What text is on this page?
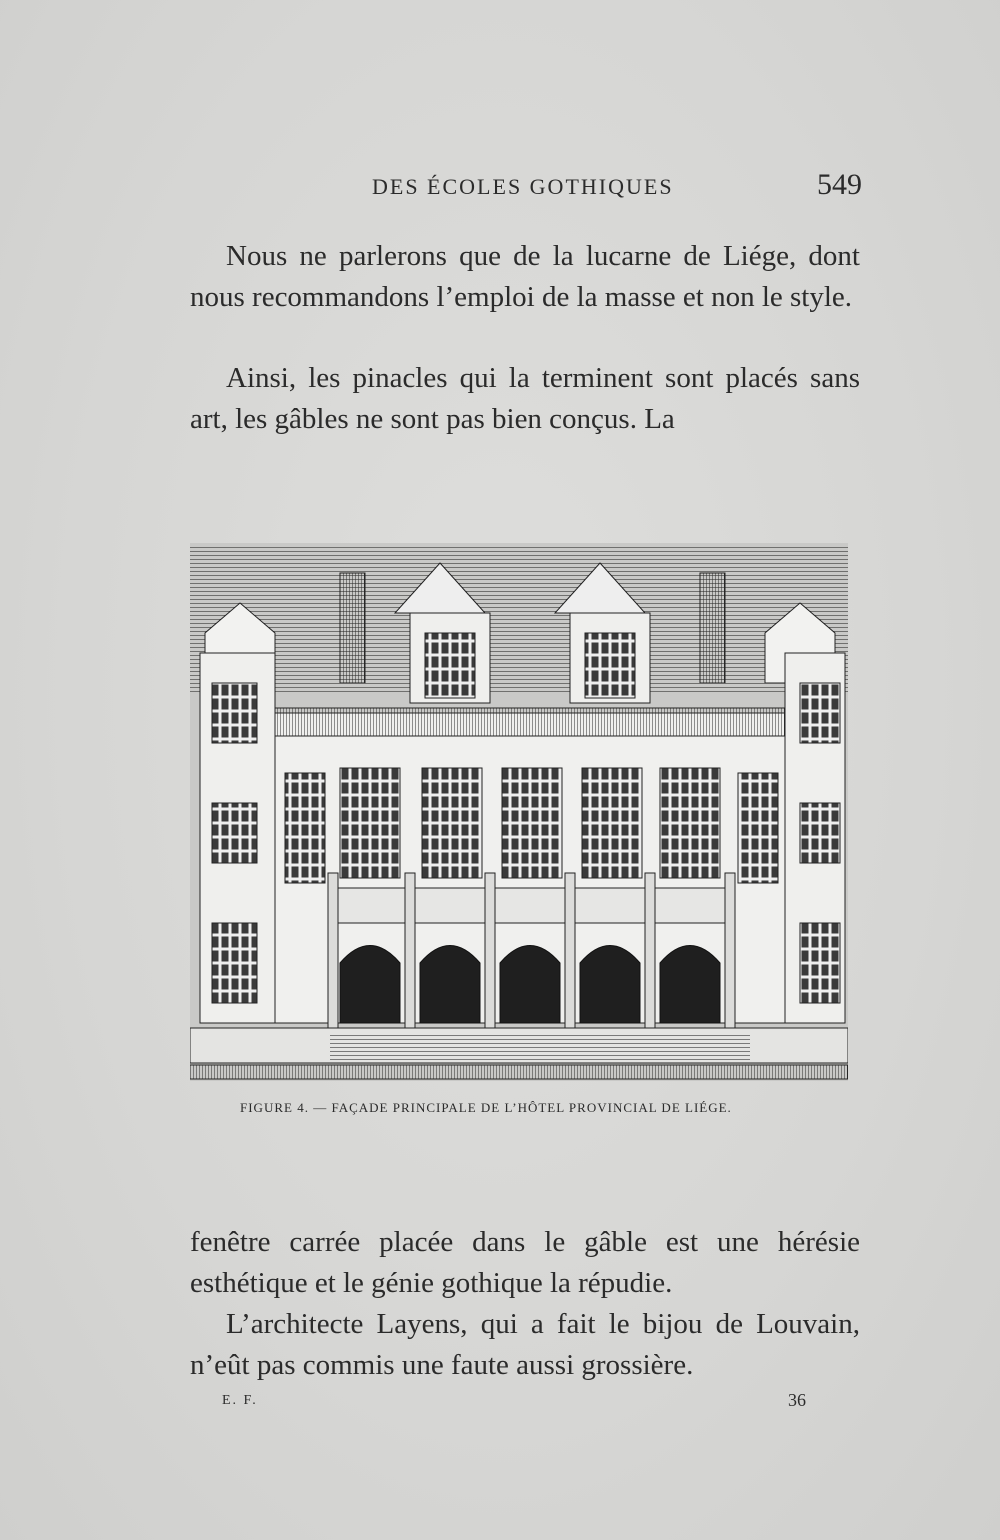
DES ÉCOLES GOTHIQUES	549

Nous ne parlerons que de la lucarne de Liége, dont nous recommandons l’emploi de la masse et non le style.

Ainsi, les pinacles qui la terminent sont placés sans art, les gâbles ne sont pas bien conçus. La

FIGURE 4. — FAÇADE PRINCIPALE DE L’HÔTEL PROVINCIAL DE LIÉGE.

fenêtre carrée placée dans le gâble est une hérésie esthétique et le génie gothique la répudie.

L’architecte Layens, qui a fait le bijou de Louvain, n’eût pas commis une faute aussi grossière.

E. F.	36
